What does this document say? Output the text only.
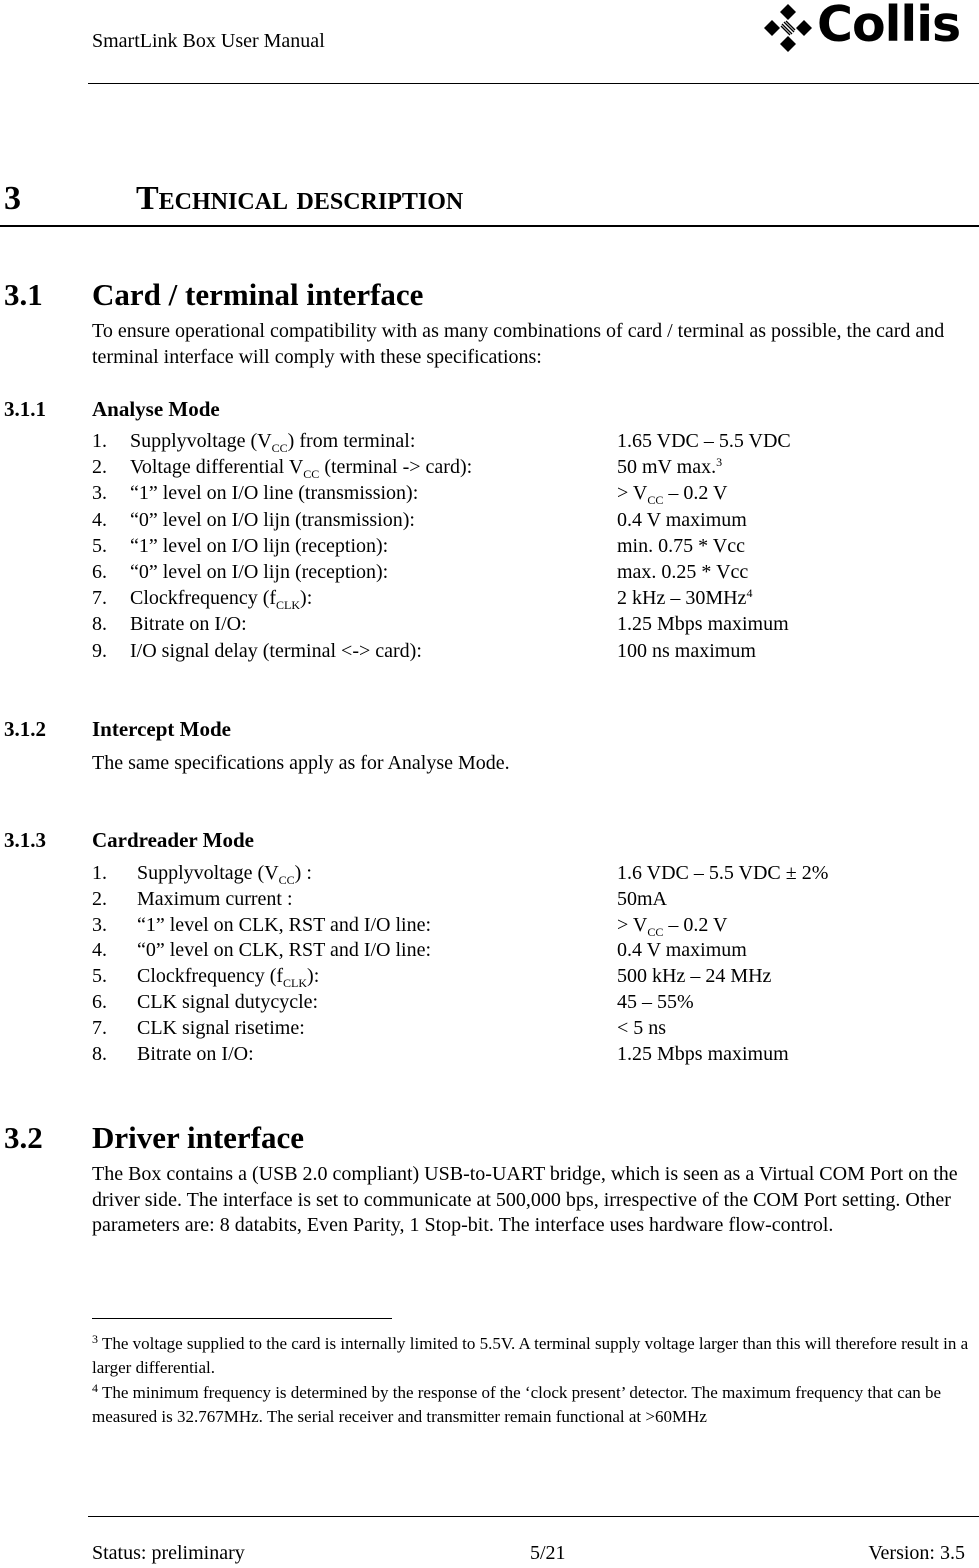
SmartLink Box User Manual	Collis
3	Technical description
3.1 Card / terminal interface
To ensure operational compatibility with as many combinations of card / terminal as possible, the card and terminal interface will comply with these specifications:
3.1.1 Analyse Mode
1. Supplyvoltage $(V_{CC})$ from terminal:	1.65 VDC – 5.5 VDC
2. Voltage differential $V_{CC}$ (terminal -> card):	50 mV max.$^3$
3. “1” level on I/O line (transmission):	> $V_{CC} - 0.2$ V
4. “0” level on I/O lijn (transmission):	0.4 V maximum
5. “1” level on I/O lijn (reception):	min. 0.75 * Vcc
6. “0” level on I/O lijn (reception):	max. 0.25 * Vcc
7. Clockfrequency $(f_{CLK})$:	2 kHz – 30MHz$^4$
8. Bitrate on I/O:	1.25 Mbps maximum
9. I/O signal delay (terminal <-> card):	100 ns maximum
3.1.2 Intercept Mode
The same specifications apply as for Analyse Mode.
3.1.3 Cardreader Mode
1. Supplyvoltage $(V_{CC})$ :	1.6 VDC – 5.5 VDC ± 2%
2. Maximum current :	50mA
3. “1” level on CLK, RST and I/O line:	> $V_{CC} - 0.2$ V
4. “0” level on CLK, RST and I/O line:	0.4 V maximum
5. Clockfrequency $(f_{CLK})$:	500 kHz – 24 MHz
6. CLK signal dutycycle:	45 – 55%
7. CLK signal risetime:	< 5 ns
8. Bitrate on I/O:	1.25 Mbps maximum
3.2 Driver interface
The Box contains a (USB 2.0 compliant) USB-to-UART bridge, which is seen as a Virtual COM Port on the driver side. The interface is set to communicate at 500,000 bps, irrespective of the COM Port setting. Other parameters are: 8 databits, Even Parity, 1 Stop-bit. The interface uses hardware flow-control.
$^3$ The voltage supplied to the card is internally limited to 5.5V. A terminal supply voltage larger than this will therefore result in a larger differential.
$^4$ The minimum frequency is determined by the response of the ‘clock present’ detector. The maximum frequency that can be measured is 32.767MHz. The serial receiver and transmitter remain functional at >60MHz
Status: preliminary	5/21	Version: 3.5
